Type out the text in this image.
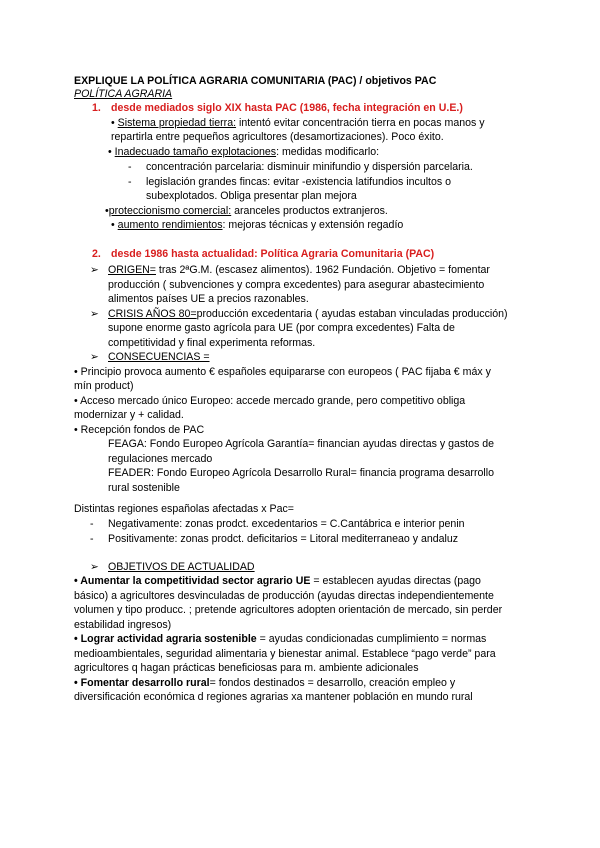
EXPLIQUE LA POLÍTICA AGRARIA COMUNITARIA (PAC) / objetivos PAC
POLÍTICA AGRARIA
1. desde mediados siglo XIX hasta PAC (1986, fecha integración en U.E.)
• Sistema propiedad tierra: intentó evitar concentración tierra en pocas manos y
repartirla entre pequeños agricultores (desamortizaciones). Poco éxito.
• Inadecuado tamaño explotaciones: medidas modificarlo:
- concentración parcelaria: disminuir minifundio y dispersión parcelaria.
- legislación grandes fincas: evitar -existencia latifundios incultos o
subexplotados. Obliga presentar plan mejora
•proteccionismo comercial: aranceles productos extranjeros.
• aumento rendimientos: mejoras técnicas y extensión regadío
2. desde 1986 hasta actualidad: Política Agraria Comunitaria (PAC)
➢ ORIGEN= tras 2ªG.M. (escasez alimentos). 1962 Fundación. Objetivo = fomentar
producción ( subvenciones y compra excedentes) para asegurar abastecimiento
alimentos países UE a precios razonables.
➢ CRISIS AÑOS 80=producción excedentaria ( ayudas estaban vinculadas producción)
supone enorme gasto agrícola para UE (por compra excedentes) Falta de
competitividad y final experimenta reformas.
➢ CONSECUENCIAS =
• Principio provoca aumento € españoles equipararse con europeos ( PAC fijaba € máx y
mín product)
• Acceso mercado único Europeo: accede mercado grande, pero competitivo obliga
modernizar y + calidad.
• Recepción fondos de PAC
FEAGA: Fondo Europeo Agrícola Garantía= financian ayudas directas y gastos de
regulaciones mercado
FEADER: Fondo Europeo Agrícola Desarrollo Rural= financia programa desarrollo
rural sostenible
Distintas regiones españolas afectadas x Pac=
- Negativamente: zonas prodct. excedentarios = C.Cantábrica e interior penin
- Positivamente: zonas prodct. deficitarios = Litoral mediterraneao y andaluz
➢ OBJETIVOS DE ACTUALIDAD
• Aumentar la competitividad sector agrario UE = establecen ayudas directas (pago
básico) a agricultores desvinculadas de producción (ayudas directas independientemente
volumen y tipo producc. ; pretende agricultores adopten orientación de mercado, sin perder
estabilidad ingresos)
• Lograr actividad agraria sostenible = ayudas condicionadas cumplimiento = normas
medioambientales, seguridad alimentaria y bienestar animal. Establece “pago verde” para
agricultores q hagan prácticas beneficiosas para m. ambiente adicionales
• Fomentar desarrollo rural= fondos destinados = desarrollo, creación empleo y
diversificación económica d regiones agrarias xa mantener población en mundo rural
